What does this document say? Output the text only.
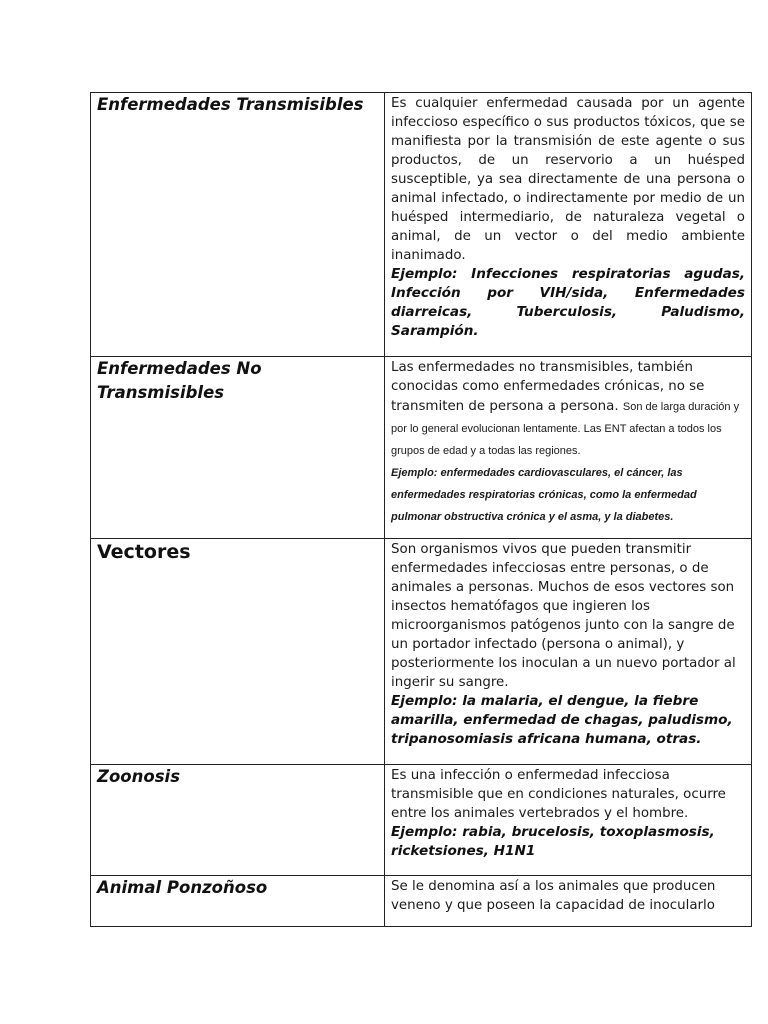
Enfermedades Transmisibles	Es cualquier enfermedad causada por un agente infeccioso específico o sus productos tóxicos, que se manifiesta por la transmisión de este agente o sus productos, de un reservorio a un huésped susceptible, ya sea directamente de una persona o animal infectado, o indirectamente por medio de un huésped intermediario, de naturaleza vegetal o animal, de un vector o del medio ambiente inanimado.

Ejemplo: Infecciones respiratorias agudas, Infección por VIH/sida, Enfermedades diarreicas, Tuberculosis, Paludismo, Sarampión.

Enfermedades No Transmisibles	Las enfermedades no transmisibles, también conocidas como enfermedades crónicas, no se transmiten de persona a persona. Son de larga duración y por lo general evolucionan lentamente. Las ENT afectan a todos los grupos de edad y a todas las regiones.

Ejemplo: enfermedades cardiovasculares, el cáncer, las enfermedades respiratorias crónicas, como la enfermedad pulmonar obstructiva crónica y el asma, y la diabetes.

Vectores	Son organismos vivos que pueden transmitir enfermedades infecciosas entre personas, o de animales a personas. Muchos de esos vectores son insectos hematófagos que ingieren los microorganismos patógenos junto con la sangre de un portador infectado (persona o animal), y posteriormente los inoculan a un nuevo portador al ingerir su sangre.

Ejemplo: la malaria, el dengue, la fiebre amarilla, enfermedad de chagas, paludismo, tripanosomiasis africana humana, otras.

Zoonosis	Es una infección o enfermedad infecciosa transmisible que en condiciones naturales, ocurre entre los animales vertebrados y el hombre.

Ejemplo: rabia, brucelosis, toxoplasmosis, ricketsiones, H1N1

Animal Ponzoñoso	Se le denomina así a los animales que producen veneno y que poseen la capacidad de inocularlo
